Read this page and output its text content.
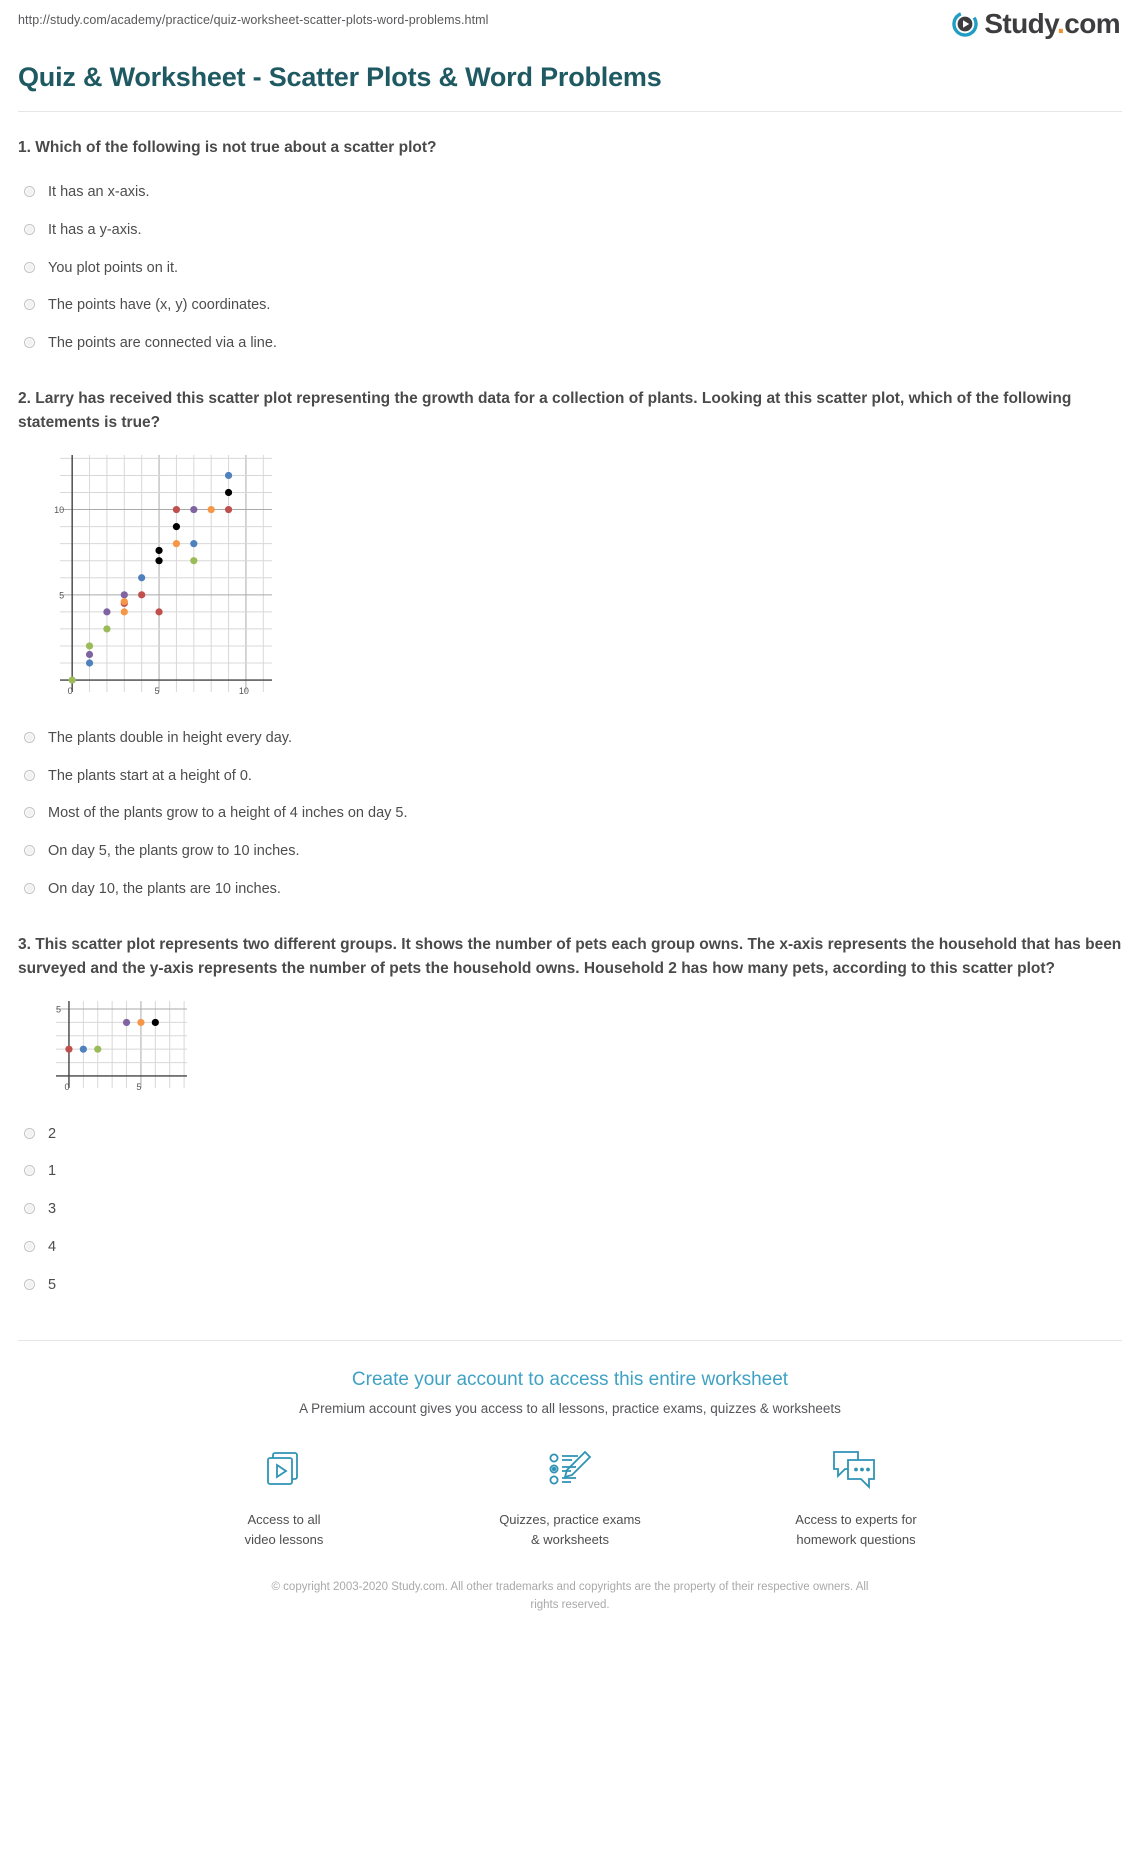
http://study.com/academy/practice/quiz-worksheet-scatter-plots-word-problems.html	Study.com
Quiz & Worksheet - Scatter Plots & Word Problems
1. Which of the following is not true about a scatter plot?
It has an x-axis.
It has a y-axis.
You plot points on it.
The points have (x, y) coordinates.
The points are connected via a line.
2. Larry has received this scatter plot representing the growth data for a collection of plants. Looking at this scatter plot, which of the following statements is true?
0	5	10
5
10
The plants double in height every day.
The plants start at a height of 0.
Most of the plants grow to a height of 4 inches on day 5.
On day 5, the plants grow to 10 inches.
On day 10, the plants are 10 inches.
3. This scatter plot represents two different groups. It shows the number of pets each group owns. The x-axis represents the household that has been surveyed and the y-axis represents the number of pets the household owns. Household 2 has how many pets, according to this scatter plot?
0	5
5
2
1
3
4
5
Create your account to access this entire worksheet
A Premium account gives you access to all lessons, practice exams, quizzes & worksheets
Access to all
video lessons
Quizzes, practice exams
& worksheets
Access to experts for
homework questions
© copyright 2003-2020 Study.com. All other trademarks and copyrights are the property of their respective owners. All rights reserved.
